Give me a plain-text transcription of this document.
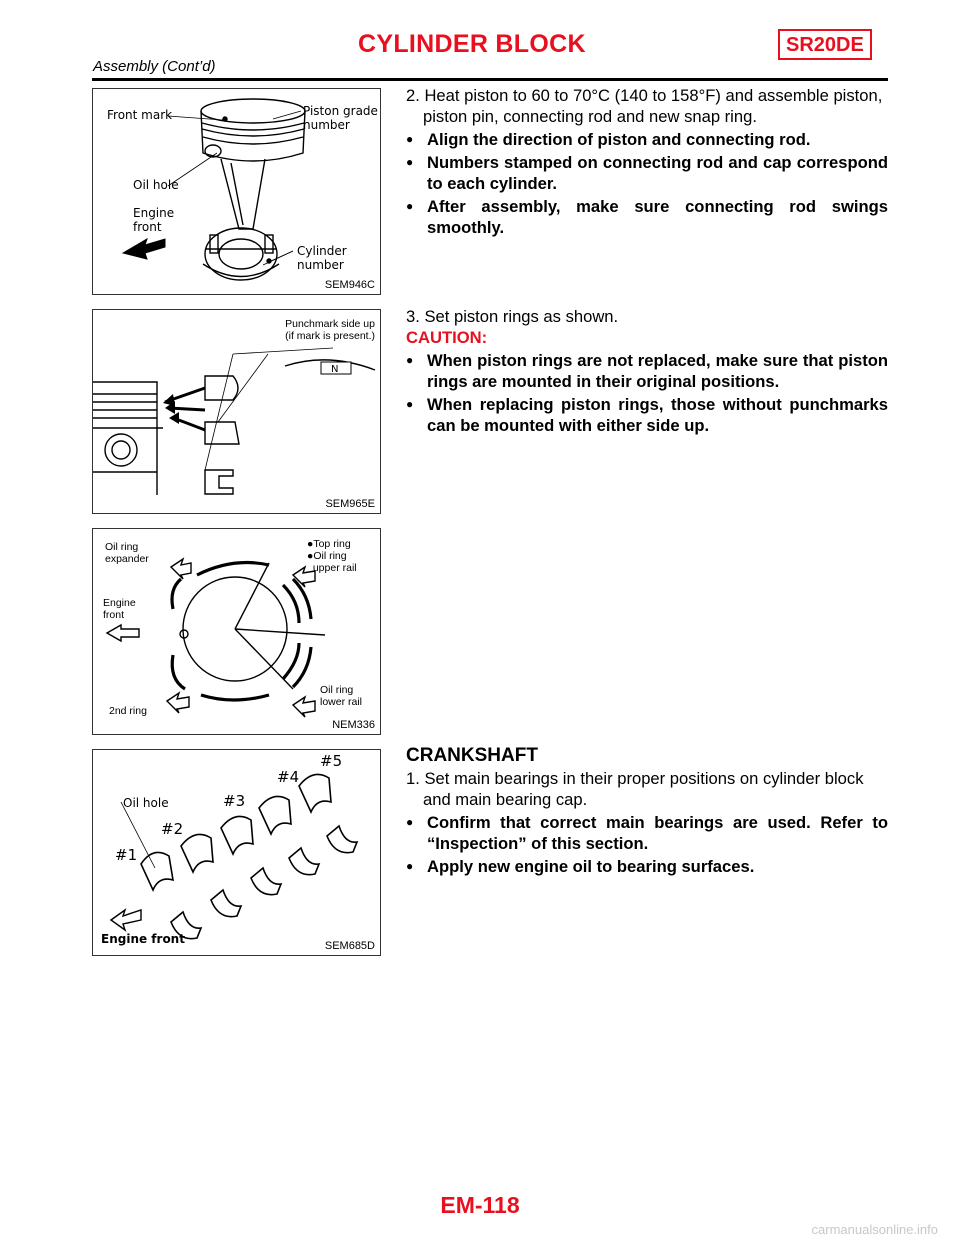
CYLINDER BLOCK	SR20DE
Assembly (Cont’d)
Front mark	Piston grade
number
Oil hole
Engine
front
Cylinder
number
SEM946C
N
Punchmark side up
(if mark is present.)
SEM965E
Oil ring
expander
●Top ring
●Oil ring
upper rail
Engine
front
2nd ring
Oil ring
lower rail
NEM336
Oil hole
#1
#2
#3
#4
#5
Engine front	SEM685D
2. Heat piston to 60 to 70°C (140 to 158°F) and assemble piston, piston pin, connecting rod and new snap ring.
● Align the direction of piston and connecting rod.
● Numbers stamped on connecting rod and cap correspond to each cylinder.
● After assembly, make sure connecting rod swings smoothly.
3. Set piston rings as shown.
CAUTION:
● When piston rings are not replaced, make sure that piston rings are mounted in their original positions.
● When replacing piston rings, those without punchmarks can be mounted with either side up.
CRANKSHAFT
1. Set main bearings in their proper positions on cylinder block and main bearing cap.
● Confirm that correct main bearings are used. Refer to “Inspection” of this section.
● Apply new engine oil to bearing surfaces.
EM-118
carmanualsonline.info
